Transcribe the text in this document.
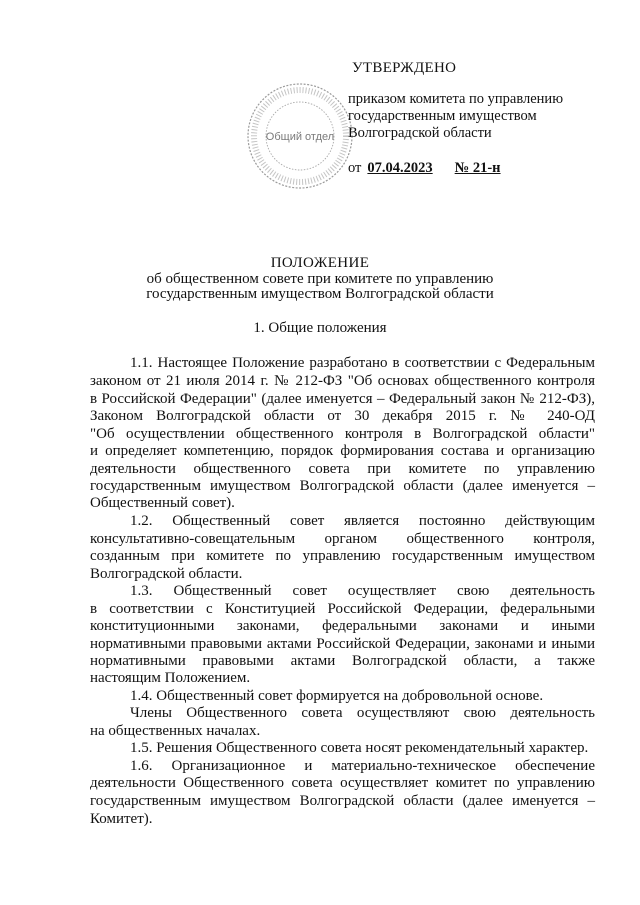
Общий отдел
УТВЕРЖДЕНО
приказом комитета по управлению
государственным имуществом
Волгоградской области
от 07.04.2023 № 21-н
ПОЛОЖЕНИЕ
об общественном совете при комитете по управлению
государственным имуществом Волгоградской области
1. Общие положения
1.1. Настоящее Положение разработано в соответствии с Федеральным
законом от 21 июля 2014 г. № 212-ФЗ "Об основах общественного контроля
в Российской Федерации" (далее именуется – Федеральный закон № 212-ФЗ),
Законом Волгоградской области от 30 декабря 2015 г. № 240-ОД
"Об осуществлении общественного контроля в Волгоградской области"
и определяет компетенцию, порядок формирования состава и организацию
деятельности общественного совета при комитете по управлению
государственным имуществом Волгоградской области (далее именуется –
Общественный совет).
1.2. Общественный совет является постоянно действующим
консультативно-совещательным органом общественного контроля,
созданным при комитете по управлению государственным имуществом
Волгоградской области.
1.3. Общественный совет осуществляет свою деятельность
в соответствии с Конституцией Российской Федерации, федеральными
конституционными законами, федеральными законами и иными
нормативными правовыми актами Российской Федерации, законами и иными
нормативными правовыми актами Волгоградской области, а также
настоящим Положением.
1.4. Общественный совет формируется на добровольной основе.
Члены Общественного совета осуществляют свою деятельность
на общественных началах.
1.5. Решения Общественного совета носят рекомендательный характер.
1.6. Организационное и материально-техническое обеспечение
деятельности Общественного совета осуществляет комитет по управлению
государственным имуществом Волгоградской области (далее именуется –
Комитет).
